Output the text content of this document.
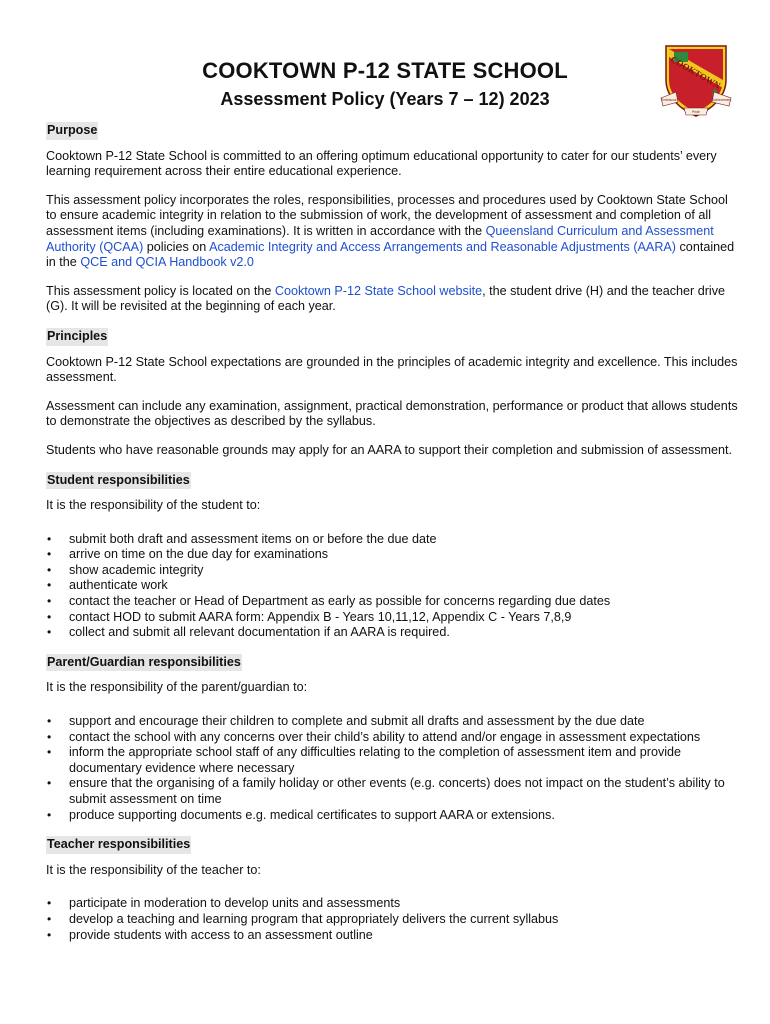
COOKTOWN P-12 STATE SCHOOL
Assessment Policy (Years 7 – 12) 2023
COOKTOWN
Endeavour	Achievement
Pride
Purpose

Cooktown P-12 State School is committed to an offering optimum educational opportunity to cater for our students’ every learning requirement across their entire educational experience.

This assessment policy incorporates the roles, responsibilities, processes and procedures used by Cooktown State School to ensure academic integrity in relation to the submission of work, the development of assessment and completion of all assessment items (including examinations). It is written in accordance with the Queensland Curriculum and Assessment Authority (QCAA) policies on Academic Integrity and Access Arrangements and Reasonable Adjustments (AARA) contained in the QCE and QCIA Handbook v2.0

This assessment policy is located on the Cooktown P-12 State School website, the student drive (H) and the teacher drive (G). It will be revisited at the beginning of each year.

Principles

Cooktown P-12 State School expectations are grounded in the principles of academic integrity and excellence. This includes assessment.

Assessment can include any examination, assignment, practical demonstration, performance or product that allows students to demonstrate the objectives as described by the syllabus.

Students who have reasonable grounds may apply for an AARA to support their completion and submission of assessment.

Student responsibilities

It is the responsibility of the student to:

• submit both draft and assessment items on or before the due date
• arrive on time on the due day for examinations
• show academic integrity
• authenticate work
• contact the teacher or Head of Department as early as possible for concerns regarding due dates
• contact HOD to submit AARA form: Appendix B - Years 10,11,12, Appendix C - Years 7,8,9
• collect and submit all relevant documentation if an AARA is required.
Parent/Guardian responsibilities

It is the responsibility of the parent/guardian to:

• support and encourage their children to complete and submit all drafts and assessment by the due date
• contact the school with any concerns over their child’s ability to attend and/or engage in assessment expectations
• inform the appropriate school staff of any difficulties relating to the completion of assessment item and provide documentary evidence where necessary
• ensure that the organising of a family holiday or other events (e.g. concerts) does not impact on the student’s ability to submit assessment on time
• produce supporting documents e.g. medical certificates to support AARA or extensions.
Teacher responsibilities

It is the responsibility of the teacher to:

• participate in moderation to develop units and assessments
• develop a teaching and learning program that appropriately delivers the current syllabus
• provide students with access to an assessment outline
